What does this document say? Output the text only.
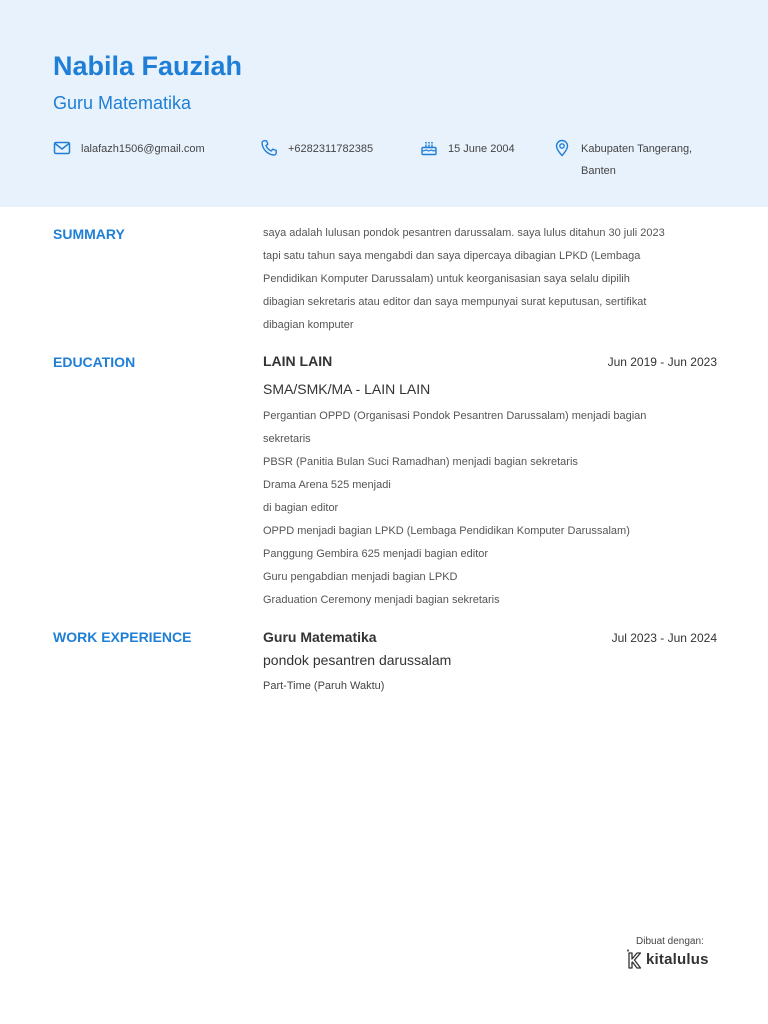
Nabila Fauziah
Guru Matematika
lalafazh1506@gmail.com	+6282311782385	15 June 2004	Kabupaten Tangerang,
Banten
SUMMARY	saya adalah lulusan pondok pesantren darussalam. saya lulus ditahun 30 juli 2023
tapi satu tahun saya mengabdi dan saya dipercaya dibagian LPKD (Lembaga
Pendidikan Komputer Darussalam) untuk keorganisasian saya selalu dipilih
dibagian sekretaris atau editor dan saya mempunyai surat keputusan, sertifikat
dibagian komputer
EDUCATION	LAIN LAIN	Jun 2019 - Jun 2023
SMA/SMK/MA - LAIN LAIN
Pergantian OPPD (Organisasi Pondok Pesantren Darussalam) menjadi bagian
sekretaris
PBSR (Panitia Bulan Suci Ramadhan) menjadi bagian sekretaris
Drama Arena 525 menjadi
di bagian editor
OPPD menjadi bagian LPKD (Lembaga Pendidikan Komputer Darussalam)
Panggung Gembira 625 menjadi bagian editor
Guru pengabdian menjadi bagian LPKD
Graduation Ceremony menjadi bagian sekretaris
WORK EXPERIENCE	Guru Matematika	Jul 2023 - Jun 2024
pondok pesantren darussalam
Part-Time (Paruh Waktu)
Dibuat dengan:
kitalulus
